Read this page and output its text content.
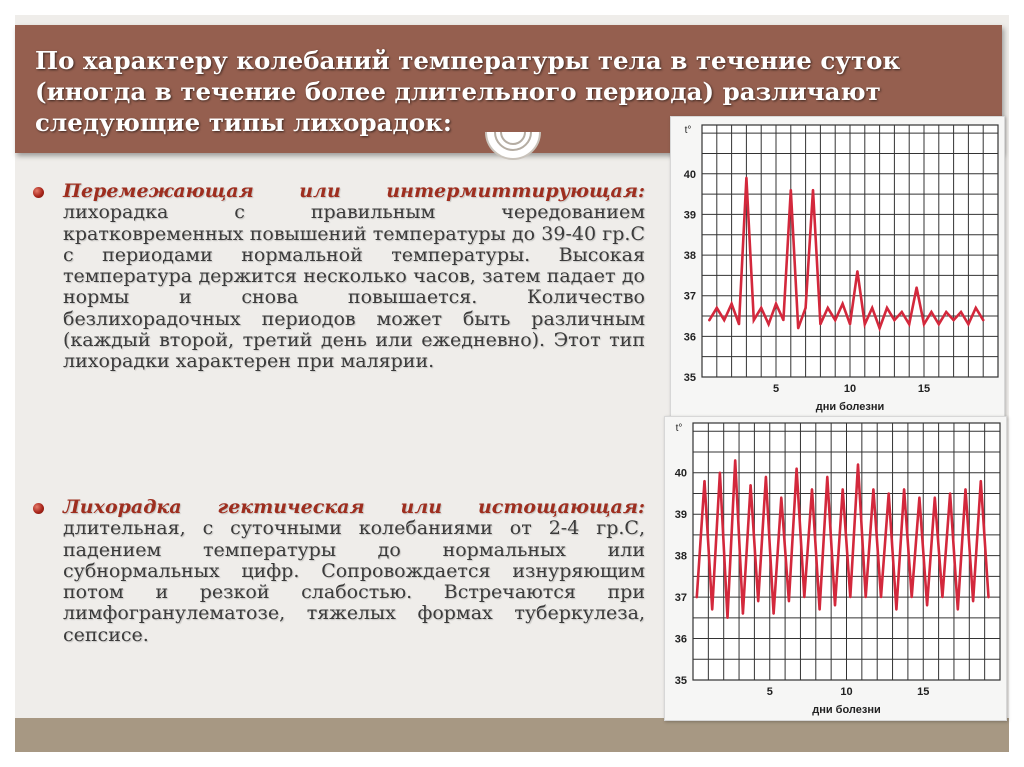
По характеру колебаний температуры тела в течение суток (иногда в течение более длительного периода) различают следующие типы лихорадок:

Перемежающая или интермиттирующая: лихорадка с правильным чередованием кратковременных повышений температуры до 39-40 гр.С с периодами нормальной температуры. Высокая температура держится несколько часов, затем падает до нормы и снова повышается. Количество безлихорадочных периодов может быть различным (каждый второй, третий день или ежедневно). Этот тип лихорадки характерен при малярии.

Лихорадка гектическая или истощающая: длительная, с суточными колебаниями от 2-4 гр.С, падением температуры до нормальных или субнормальных цифр. Сопровождается изнуряющим потом и резкой слабостью. Встречаются при лимфогранулематозе, тяжелых формах туберкулеза, сепсисе.

35
36
37
38
39
40
5	10	15
t°
дни болезни
35
36
37
38
39
40
5	10	15
t°
дни болезни
